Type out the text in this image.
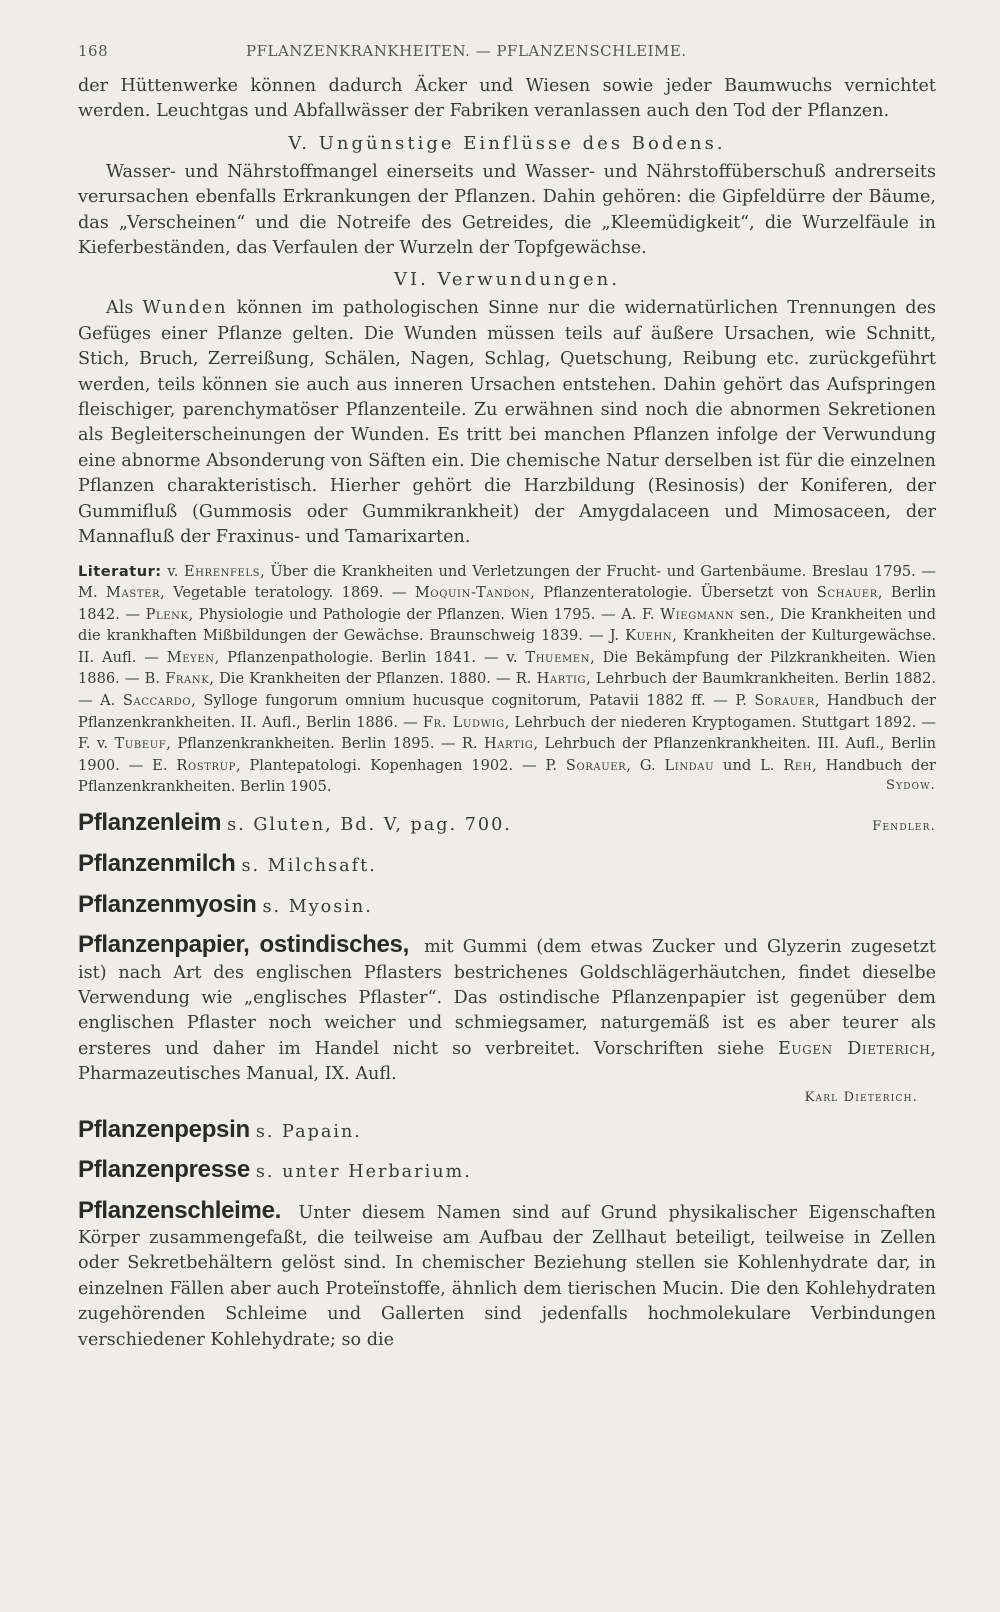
168	PFLANZENKRANKHEITEN. — PFLANZENSCHLEIME.

der Hüttenwerke können dadurch Äcker und Wiesen sowie jeder Baumwuchs vernichtet werden. Leuchtgas und Abfallwässer der Fabriken veranlassen auch den Tod der Pflanzen.

V. Ungünstige Einflüsse des Bodens.

Wasser- und Nährstoffmangel einerseits und Wasser- und Nährstoffüberschuß andrerseits verursachen ebenfalls Erkrankungen der Pflanzen. Dahin gehören: die Gipfeldürre der Bäume, das „Verscheinen“ und die Notreife des Getreides, die „Kleemüdigkeit“, die Wurzelfäule in Kieferbeständen, das Verfaulen der Wurzeln der Topfgewächse.

VI. Verwundungen.

Als Wunden können im pathologischen Sinne nur die widernatürlichen Trennungen des Gefüges einer Pflanze gelten. Die Wunden müssen teils auf äußere Ursachen, wie Schnitt, Stich, Bruch, Zerreißung, Schälen, Nagen, Schlag, Quetschung, Reibung etc. zurückgeführt werden, teils können sie auch aus inneren Ursachen entstehen. Dahin gehört das Aufspringen fleischiger, parenchymatöser Pflanzenteile. Zu erwähnen sind noch die abnormen Sekretionen als Begleiterscheinungen der Wunden. Es tritt bei manchen Pflanzen infolge der Verwundung eine abnorme Absonderung von Säften ein. Die chemische Natur derselben ist für die einzelnen Pflanzen charakteristisch. Hierher gehört die Harzbildung (Resinosis) der Koniferen, der Gummifluß (Gummosis oder Gummikrankheit) der Amygdalaceen und Mimosaceen, der Mannafluß der Fraxinus- und Tamarixarten.

Literatur: v. Ehrenfels, Über die Krankheiten und Verletzungen der Frucht- und Gartenbäume. Breslau 1795. — M. Master, Vegetable teratology. 1869. — Moquin-Tandon, Pflanzenteratologie. Übersetzt von Schauer, Berlin 1842. — Plenk, Physiologie und Pathologie der Pflanzen. Wien 1795. — A. F. Wiegmann sen., Die Krankheiten und die krankhaften Mißbildungen der Gewächse. Braunschweig 1839. — J. Kuehn, Krankheiten der Kulturgewächse. II. Aufl. — Meyen, Pflanzenpathologie. Berlin 1841. — v. Thuemen, Die Bekämpfung der Pilzkrankheiten. Wien 1886. — B. Frank, Die Krankheiten der Pflanzen. 1880. — R. Hartig, Lehrbuch der Baumkrankheiten. Berlin 1882. — A. Saccardo, Sylloge fungorum omnium hucusque cognitorum, Patavii 1882 ff. — P. Sorauer, Handbuch der Pflanzenkrankheiten. II. Aufl., Berlin 1886. — Fr. Ludwig, Lehrbuch der niederen Kryptogamen. Stuttgart 1892. — F. v. Tubeuf, Pflanzenkrankheiten. Berlin 1895. — R. Hartig, Lehrbuch der Pflanzenkrankheiten. III. Aufl., Berlin 1900. — E. Rostrup, Plantepatologi. Kopenhagen 1902. — P. Sorauer, G. Lindau und L. Reh, Handbuch der Pflanzenkrankheiten. Berlin 1905.	Sydow.
Pflanzenleim s. Gluten, Bd. V, pag. 700.	Fendler.
Pflanzenmilch s. Milchsaft.
Pflanzenmyosin s. Myosin.
Pflanzenpapier, ostindisches, mit Gummi (dem etwas Zucker und Glyzerin zugesetzt ist) nach Art des englischen Pflasters bestrichenes Goldschlägerhäutchen, findet dieselbe Verwendung wie „englisches Pflaster“. Das ostindische Pflanzenpapier ist gegenüber dem englischen Pflaster noch weicher und schmiegsamer, naturgemäß ist es aber teurer als ersteres und daher im Handel nicht so verbreitet. Vorschriften siehe Eugen Dieterich, Pharmazeutisches Manual, IX. Aufl.
Karl Dieterich.
Pflanzenpepsin s. Papain.
Pflanzenpresse s. unter Herbarium.
Pflanzenschleime. Unter diesem Namen sind auf Grund physikalischer Eigenschaften Körper zusammengefaßt, die teilweise am Aufbau der Zellhaut beteiligt, teilweise in Zellen oder Sekretbehältern gelöst sind. In chemischer Beziehung stellen sie Kohlenhydrate dar, in einzelnen Fällen aber auch Proteïnstoffe, ähnlich dem tierischen Mucin. Die den Kohlehydraten zugehörenden Schleime und Gallerten sind jedenfalls hochmolekulare Verbindungen verschiedener Kohlehydrate; so die
